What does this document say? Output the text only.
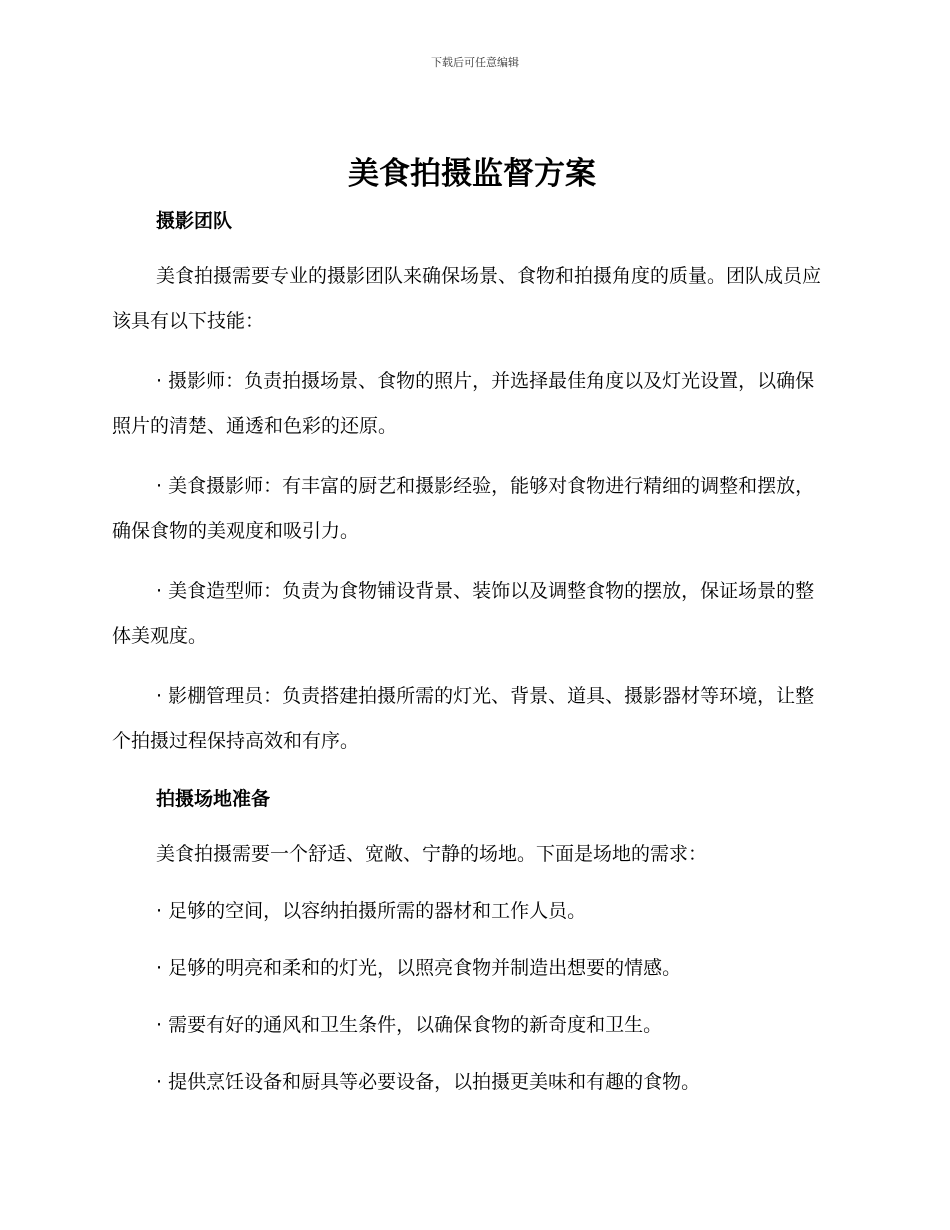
下载后可任意编辑
美食拍摄监督方案
摄影团队

美食拍摄需要专业的摄影团队来确保场景、食物和拍摄角度的质量。团队成员应该具有以下技能：

· 摄影师：负责拍摄场景、食物的照片，并选择最佳角度以及灯光设置，以确保照片的清楚、通透和色彩的还原。

· 美食摄影师：有丰富的厨艺和摄影经验，能够对食物进行精细的调整和摆放，确保食物的美观度和吸引力。

· 美食造型师：负责为食物铺设背景、装饰以及调整食物的摆放，保证场景的整体美观度。

· 影棚管理员：负责搭建拍摄所需的灯光、背景、道具、摄影器材等环境，让整个拍摄过程保持高效和有序。

拍摄场地准备

美食拍摄需要一个舒适、宽敞、宁静的场地。下面是场地的需求：

· 足够的空间，以容纳拍摄所需的器材和工作人员。

· 足够的明亮和柔和的灯光，以照亮食物并制造出想要的情感。

· 需要有好的通风和卫生条件，以确保食物的新奇度和卫生。

· 提供烹饪设备和厨具等必要设备，以拍摄更美味和有趣的食物。
